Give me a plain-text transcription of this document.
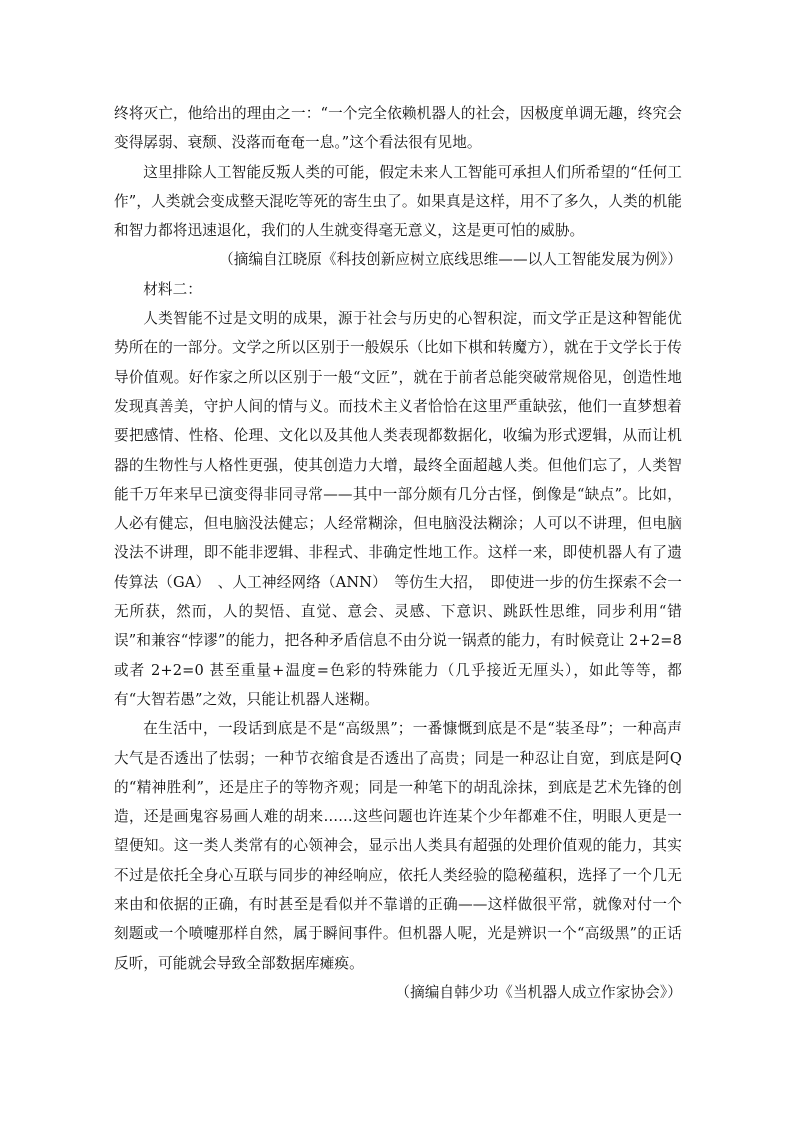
终将灭亡，他给出的理由之一：“一个完全依赖机器人的社会，因极度单调无趣，终究会变得孱弱、衰颓、没落而奄奄一息。”这个看法很有见地。

这里排除人工智能反叛人类的可能，假定未来人工智能可承担人们所希望的“任何工作”，人类就会变成整天混吃等死的寄生虫了。如果真是这样，用不了多久，人类的机能和智力都将迅速退化，我们的人生就变得毫无意义，这是更可怕的威胁。

（摘编自江晓原《科技创新应树立底线思维——以人工智能发展为例》）

材料二：

人类智能不过是文明的成果，源于社会与历史的心智积淀，而文学正是这种智能优势所在的一部分。文学之所以区别于一般娱乐（比如下棋和转魔方），就在于文学长于传导价值观。好作家之所以区别于一般“文匠”，就在于前者总能突破常规俗见，创造性地发现真善美，守护人间的情与义。而技术主义者恰恰在这里严重缺弦，他们一直梦想着要把感情、性格、伦理、文化以及其他人类表现都数据化，收编为形式逻辑，从而让机器的生物性与人格性更强，使其创造力大增，最终全面超越人类。但他们忘了，人类智能千万年来早已演变得非同寻常——其中一部分颇有几分古怪，倒像是“缺点”。比如，人必有健忘，但电脑没法健忘；人经常糊涂，但电脑没法糊涂；人可以不讲理，但电脑没法不讲理，即不能非逻辑、非程式、非确定性地工作。这样一来，即使机器人有了遗传算法（GA）　、人工神经网络（ANN）　等仿生大招，　即使进一步的仿生探索不会一无所获，然而，人的契悟、直觉、意会、灵感、下意识、跳跃性思维，同步利用“错误”和兼容“悖谬”的能力，把各种矛盾信息不由分说一锅煮的能力，有时候竟让 2+2=8 或者 2+2=0 甚至重量+温度=色彩的特殊能力（几乎接近无厘头），如此等等，都有“大智若愚”之效，只能让机器人迷糊。

在生活中，一段话到底是不是“高级黑”；一番慷慨到底是不是“装圣母”；一种高声大气是否透出了怯弱；一种节衣缩食是否透出了高贵；同是一种忍让自宽，到底是阿Q的“精神胜利”，还是庄子的等物齐观；同是一种笔下的胡乱涂抹，到底是艺术先锋的创造，还是画鬼容易画人难的胡来……这些问题也许连某个少年都难不住，明眼人更是一望便知。这一类人类常有的心领神会，显示出人类具有超强的处理价值观的能力，其实不过是依托全身心互联与同步的神经响应，依托人类经验的隐秘蕴积，选择了一个几无来由和依据的正确，有时甚至是看似并不靠谱的正确——这样做很平常，就像对付一个刻题或一个喷嚏那样自然，属于瞬间事件。但机器人呢，光是辨识一个“高级黑”的正话反听，可能就会导致全部数据库瘫痪。

（摘编自韩少功《当机器人成立作家协会》）
